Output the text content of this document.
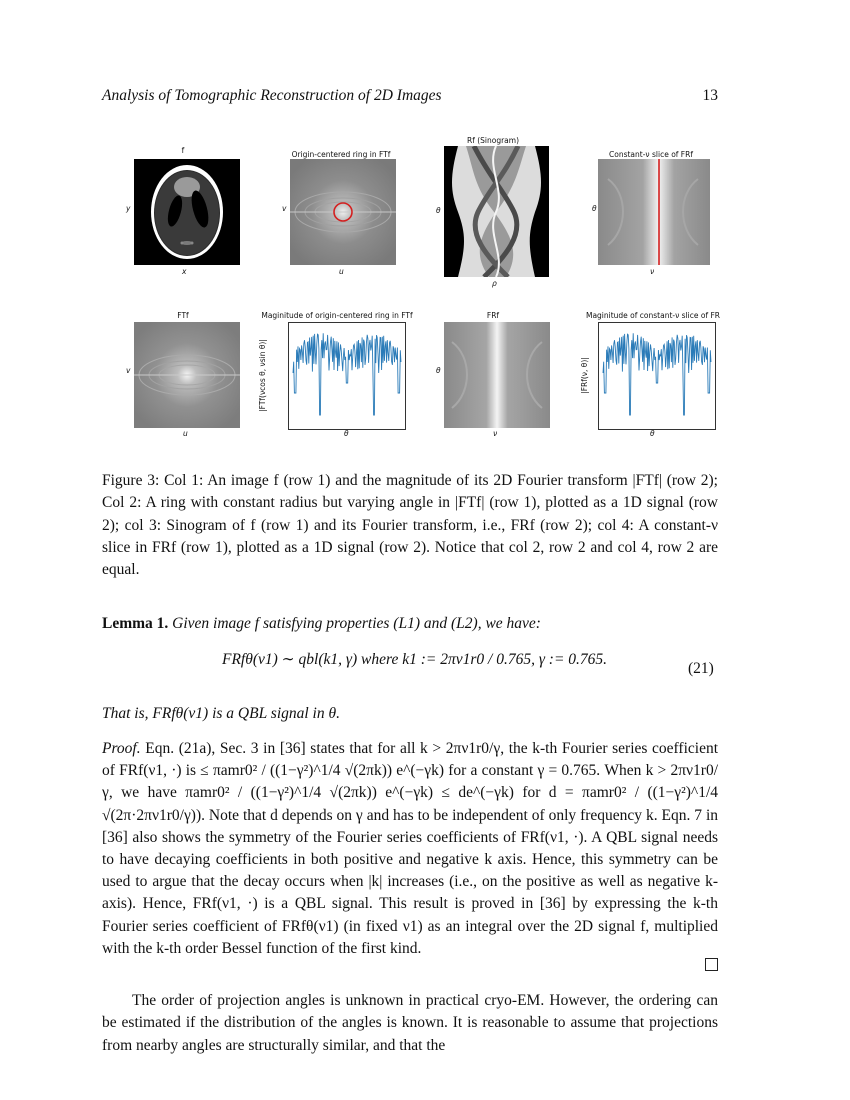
Analysis of Tomographic Reconstruction of 2D Images	13
f
y
x
Origin-centered ring in FTf
v
u
Rf (Sinogram)
θ
ρ
Constant-ν slice of FRf
θ
ν
FTf
v
u
Maginitude of origin-centered ring in FTf
|FTf(νcos θ, νsin θ)|
θ
FRf
θ
ν
Maginitude of constant-ν slice of FR
|FRf(ν, θ)|
θ
Figure 3: Col 1: An image f (row 1) and the magnitude of its 2D Fourier transform |FTf| (row 2); Col 2: A ring with constant radius but varying angle in |FTf| (row 1), plotted as a 1D signal (row 2); col 3: Sinogram of f (row 1) and its Fourier transform, i.e., FRf (row 2); col 4: A constant-ν slice in FRf (row 1), plotted as a 1D signal (row 2). Notice that col 2, row 2 and col 4, row 2 are equal.
Lemma 1. Given image f satisfying properties (L1) and (L2), we have:
FRfθ(ν1) ∼ qbl(k1, γ) where k1 := 2πν1r0 / 0.765, γ := 0.765.
(21)
That is, FRfθ(ν1) is a QBL signal in θ.
Proof. Eqn. (21a), Sec. 3 in [36] states that for all k > 2πν1r0/γ, the k-th Fourier series coefficient of FRf(ν1, ·) is ≤ πamr0² / ((1−γ²)^1/4 √(2πk)) e^(−γk) for a constant γ = 0.765. When k > 2πν1r0/γ, we have πamr0² / ((1−γ²)^1/4 √(2πk)) e^(−γk) ≤ de^(−γk) for d = πamr0² / ((1−γ²)^1/4 √(2π·2πν1r0/γ)). Note that d depends on γ and has to be independent of only frequency k. Eqn. 7 in [36] also shows the symmetry of the Fourier series coefficients of FRf(ν1, ·). A QBL signal needs to have decaying coefficients in both positive and negative k axis. Hence, this symmetry can be used to argue that the decay occurs when |k| increases (i.e., on the positive as well as negative k-axis). Hence, FRf(ν1, ·) is a QBL signal. This result is proved in [36] by expressing the k-th Fourier series coefficient of FRfθ(ν1) (in fixed ν1) as an integral over the 2D signal f, multiplied with the k-th order Bessel function of the first kind.
The order of projection angles is unknown in practical cryo-EM. However, the ordering can be estimated if the distribution of the angles is known. It is reasonable to assume that projections from nearby angles are structurally similar, and that the
